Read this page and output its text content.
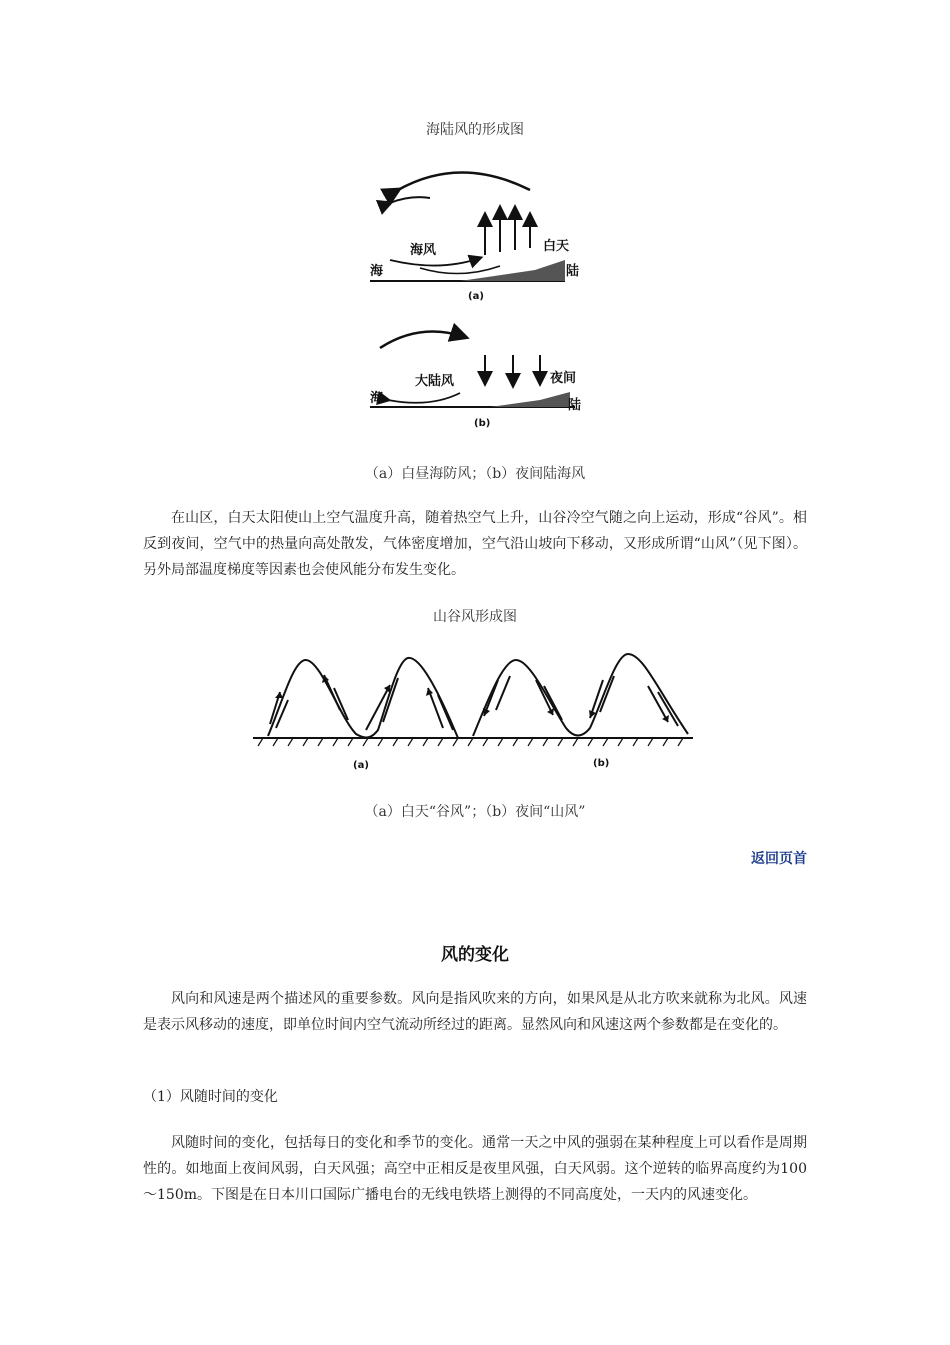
海陆风的形成图
海风	白天
海	陆
(a)
大陆风	夜间
海	陆
(b)
（a）白昼海防风；（b）夜间陆海风
在山区，白天太阳使山上空气温度升高，随着热空气上升，山谷冷空气随之向上运动，形成“谷风”。相反到夜间，空气中的热量向高处散发，气体密度增加，空气沿山坡向下移动，又形成所谓“山风”（见下图）。另外局部温度梯度等因素也会使风能分布发生变化。
山谷风形成图
(a)	(b)
（a）白天“谷风”；（b）夜间“山风”
返回页首
风的变化
风向和风速是两个描述风的重要参数。风向是指风吹来的方向，如果风是从北方吹来就称为北风。风速是表示风移动的速度，即单位时间内空气流动所经过的距离。显然风向和风速这两个参数都是在变化的。
（1）风随时间的变化
风随时间的变化，包括每日的变化和季节的变化。通常一天之中风的强弱在某种程度上可以看作是周期性的。如地面上夜间风弱，白天风强；高空中正相反是夜里风强，白天风弱。这个逆转的临界高度约为100～150m。下图是在日本川口国际广播电台的无线电铁塔上测得的不同高度处，一天内的风速变化。
